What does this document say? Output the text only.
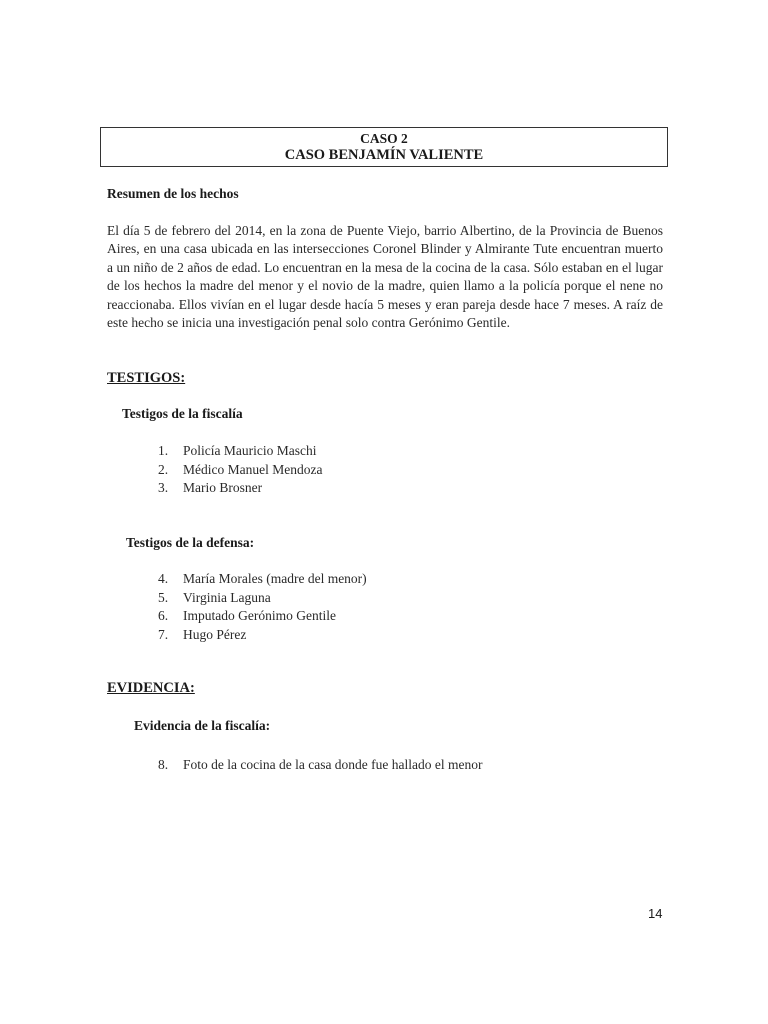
CASO 2
CASO BENJAMÍN VALIENTE
Resumen de los hechos
El día 5 de febrero del 2014, en la zona de Puente Viejo, barrio Albertino, de la Provincia de Buenos Aires, en una casa ubicada en las intersecciones Coronel Blinder y Almirante Tute encuentran muerto a un niño de 2 años de edad. Lo encuentran en la mesa de la cocina de la casa. Sólo estaban en el lugar de los hechos la madre del menor y el novio de la madre, quien llamo a la policía porque el nene no reaccionaba. Ellos vivían en el lugar desde hacía 5 meses y eran pareja desde hace 7 meses. A raíz de este hecho se inicia una investigación penal solo contra Gerónimo Gentile.
TESTIGOS:
Testigos de la fiscalía
1.	Policía Mauricio Maschi
2.	Médico Manuel Mendoza
3.	Mario Brosner
Testigos de la defensa:
4.	María Morales (madre del menor)
5.	Virginia Laguna
6.	Imputado Gerónimo Gentile
7.	Hugo Pérez
EVIDENCIA:
Evidencia de la fiscalía:
8.	Foto de la cocina de la casa donde fue hallado el menor
14
